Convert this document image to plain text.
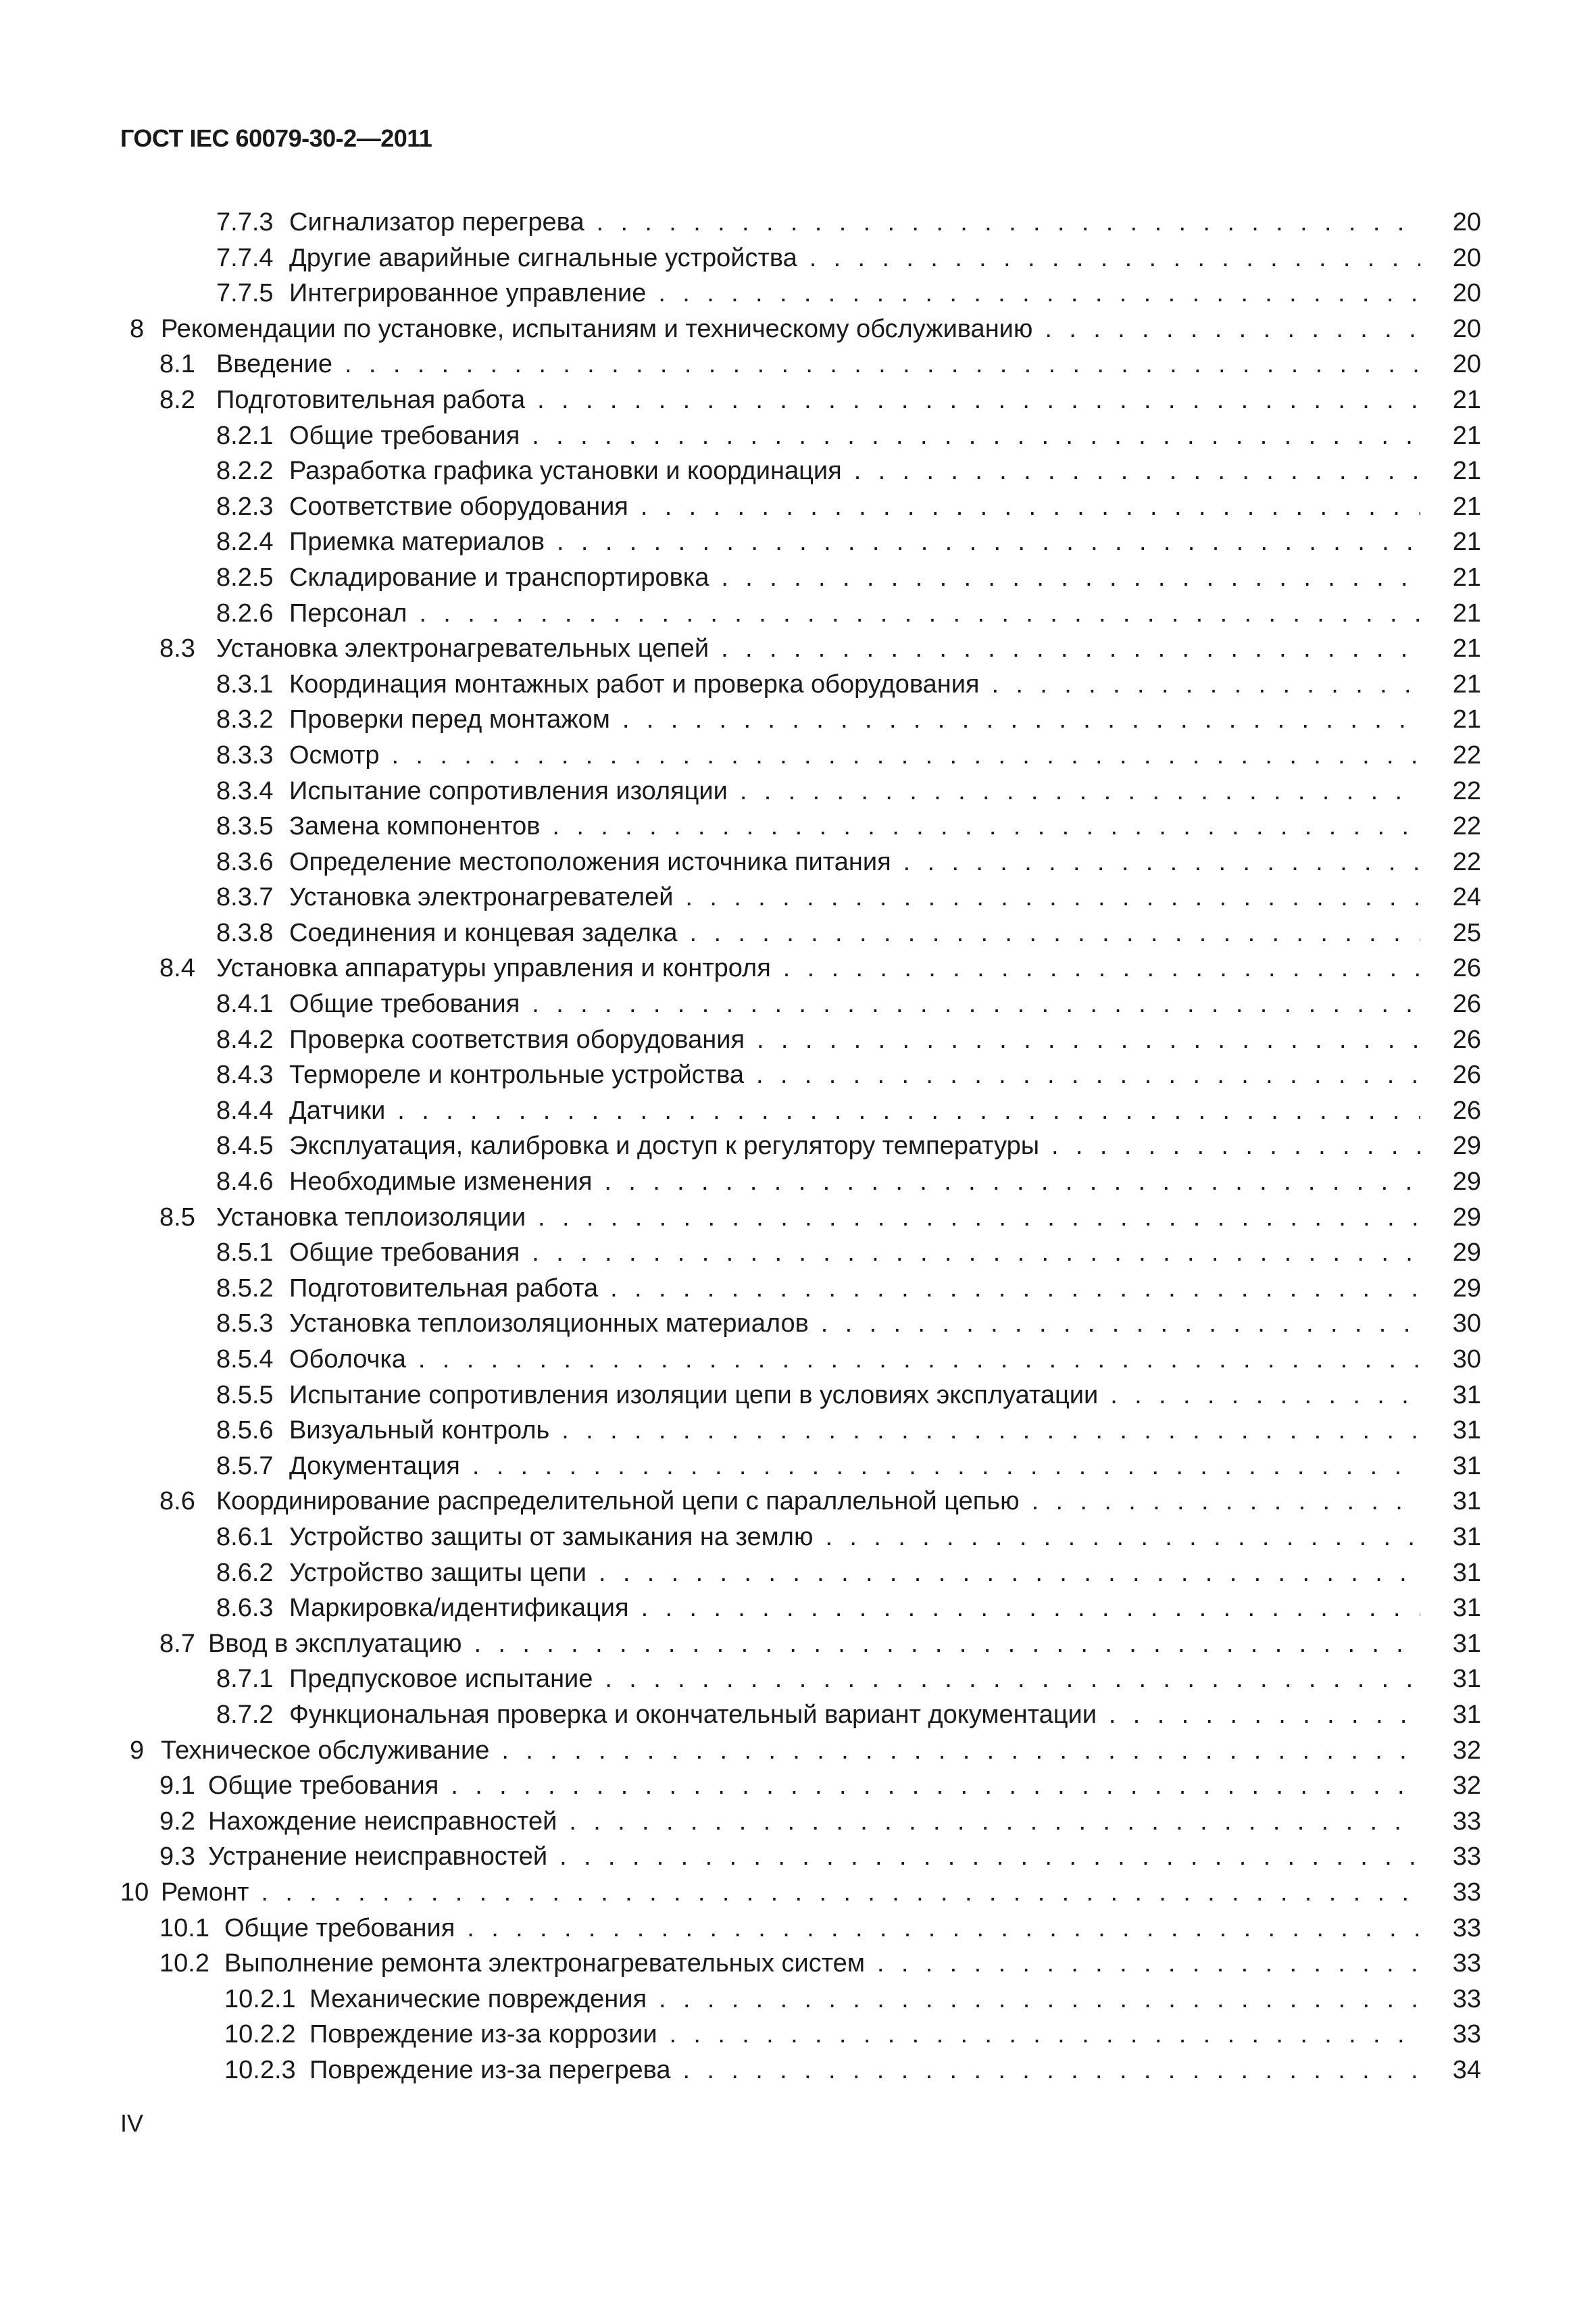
ГОСТ IEC 60079-30-2—2011
7.7.3 Сигнализатор перегрева . . .	20
7.7.4 Другие аварийные сигнальные устройства . . .	20
7.7.5 Интегрированное управление . . .	20
8 Рекомендации по установке, испытаниям и техническому обслуживанию . . .	20
8.1 Введение . . .	20
8.2 Подготовительная работа . . .	21
8.2.1 Общие требования . . .	21
8.2.2 Разработка графика установки и координация . . .	21
8.2.3 Соответствие оборудования . . .	21
8.2.4 Приемка материалов . . .	21
8.2.5 Складирование и транспортировка . . .	21
8.2.6 Персонал . . .	21
8.3 Установка электронагревательных цепей . . .	21
8.3.1 Координация монтажных работ и проверка оборудования . . .	21
8.3.2 Проверки перед монтажом . . .	21
8.3.3 Осмотр . . .	22
8.3.4 Испытание сопротивления изоляции . . .	22
8.3.5 Замена компонентов . . .	22
8.3.6 Определение местоположения источника питания . . .	22
8.3.7 Установка электронагревателей . . .	24
8.3.8 Соединения и концевая заделка . . .	25
8.4 Установка аппаратуры управления и контроля . . .	26
8.4.1 Общие требования . . .	26
8.4.2 Проверка соответствия оборудования . . .	26
8.4.3 Термореле и контрольные устройства . . .	26
8.4.4 Датчики . . .	26
8.4.5 Эксплуатация, калибровка и доступ к регулятору температуры . . .	29
8.4.6 Необходимые изменения . . .	29
8.5 Установка теплоизоляции . . .	29
8.5.1 Общие требования . . .	29
8.5.2 Подготовительная работа . . .	29
8.5.3 Установка теплоизоляционных материалов . . .	30
8.5.4 Оболочка . . .	30
8.5.5 Испытание сопротивления изоляции цепи в условиях эксплуатации . . .	31
8.5.6 Визуальный контроль . . .	31
8.5.7 Документация . . .	31
8.6 Координирование распределительной цепи с параллельной цепью . . .	31
8.6.1 Устройство защиты от замыкания на землю . . .	31
8.6.2 Устройство защиты цепи . . .	31
8.6.3 Маркировка/идентификация . . .	31
8.7 Ввод в эксплуатацию . . .	31
8.7.1 Предпусковое испытание . . .	31
8.7.2 Функциональная проверка и окончательный вариант документации . . .	31
9 Техническое обслуживание . . .	32
9.1 Общие требования . . .	32
9.2 Нахождение неисправностей . . .	33
9.3 Устранение неисправностей . . .	33
10 Ремонт . . .	33
10.1 Общие требования . . .	33
10.2 Выполнение ремонта электронагревательных систем . . .	33
10.2.1 Механические повреждения . . .	33
10.2.2 Повреждение из-за коррозии . . .	33
10.2.3 Повреждение из-за перегрева . . .	34

IV
